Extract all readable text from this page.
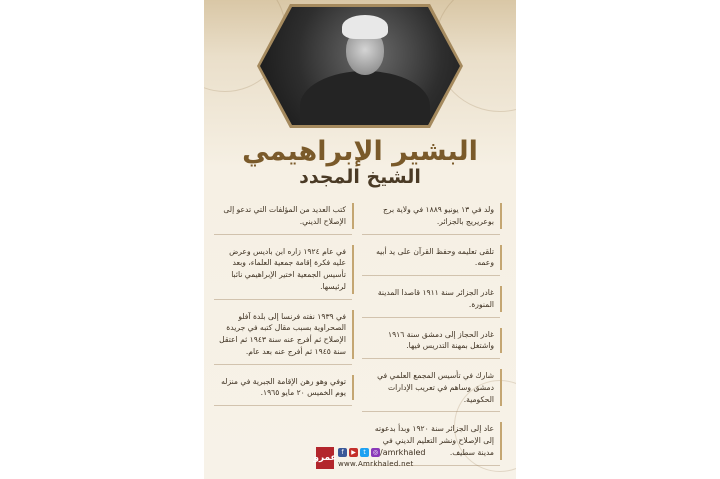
البشير الإبراهيمي
الشيخ المجدد
ولد في ١٣ يونيو ١٨٨٩ في ولاية برج بوعريريج بالجزائر.
تلقى تعليمه وحفظ القرآن على يد أبيه وعمه.
غادر الجزائر سنة ١٩١١ قاصدا المدينة المنورة.
غادر الحجاز إلى دمشق سنة ١٩١٦ واشتغل بمهنة التدريس فيها.
شارك في تأسيس المجمع العلمي في دمشق وساهم في تعريب الإدارات الحكومية.
عاد إلى الجزائر سنة ١٩٢٠ وبدأ بدعوته إلى الإصلاح ونشر التعليم الديني في مدينة سطيف.
كتب العديد من المؤلفات التي تدعو إلى الإصلاح الديني.
في عام ١٩٢٤ زاره ابن باديس وعرض عليه فكرة إقامة جمعية العلماء، وبعد تأسيس الجمعية اختير الإبراهيمي نائبا لرئيسها.
في ١٩٣٩ نفته فرنسا إلى بلدة آفلو الصحراوية بسبب مقال كتبه في جريدة الإصلاح ثم أفرج عنه سنة ١٩٤٣ ثم اعتقل سنة ١٩٤٥ ثم أفرج عنه بعد عام.
توفي وهو رهن الإقامة الجبرية في منزله يوم الخميس ٢٠ مايو ١٩٦٥.
عمرو
f	▶	t	◎ /amrkhaled
www.Amrkhaled.net
